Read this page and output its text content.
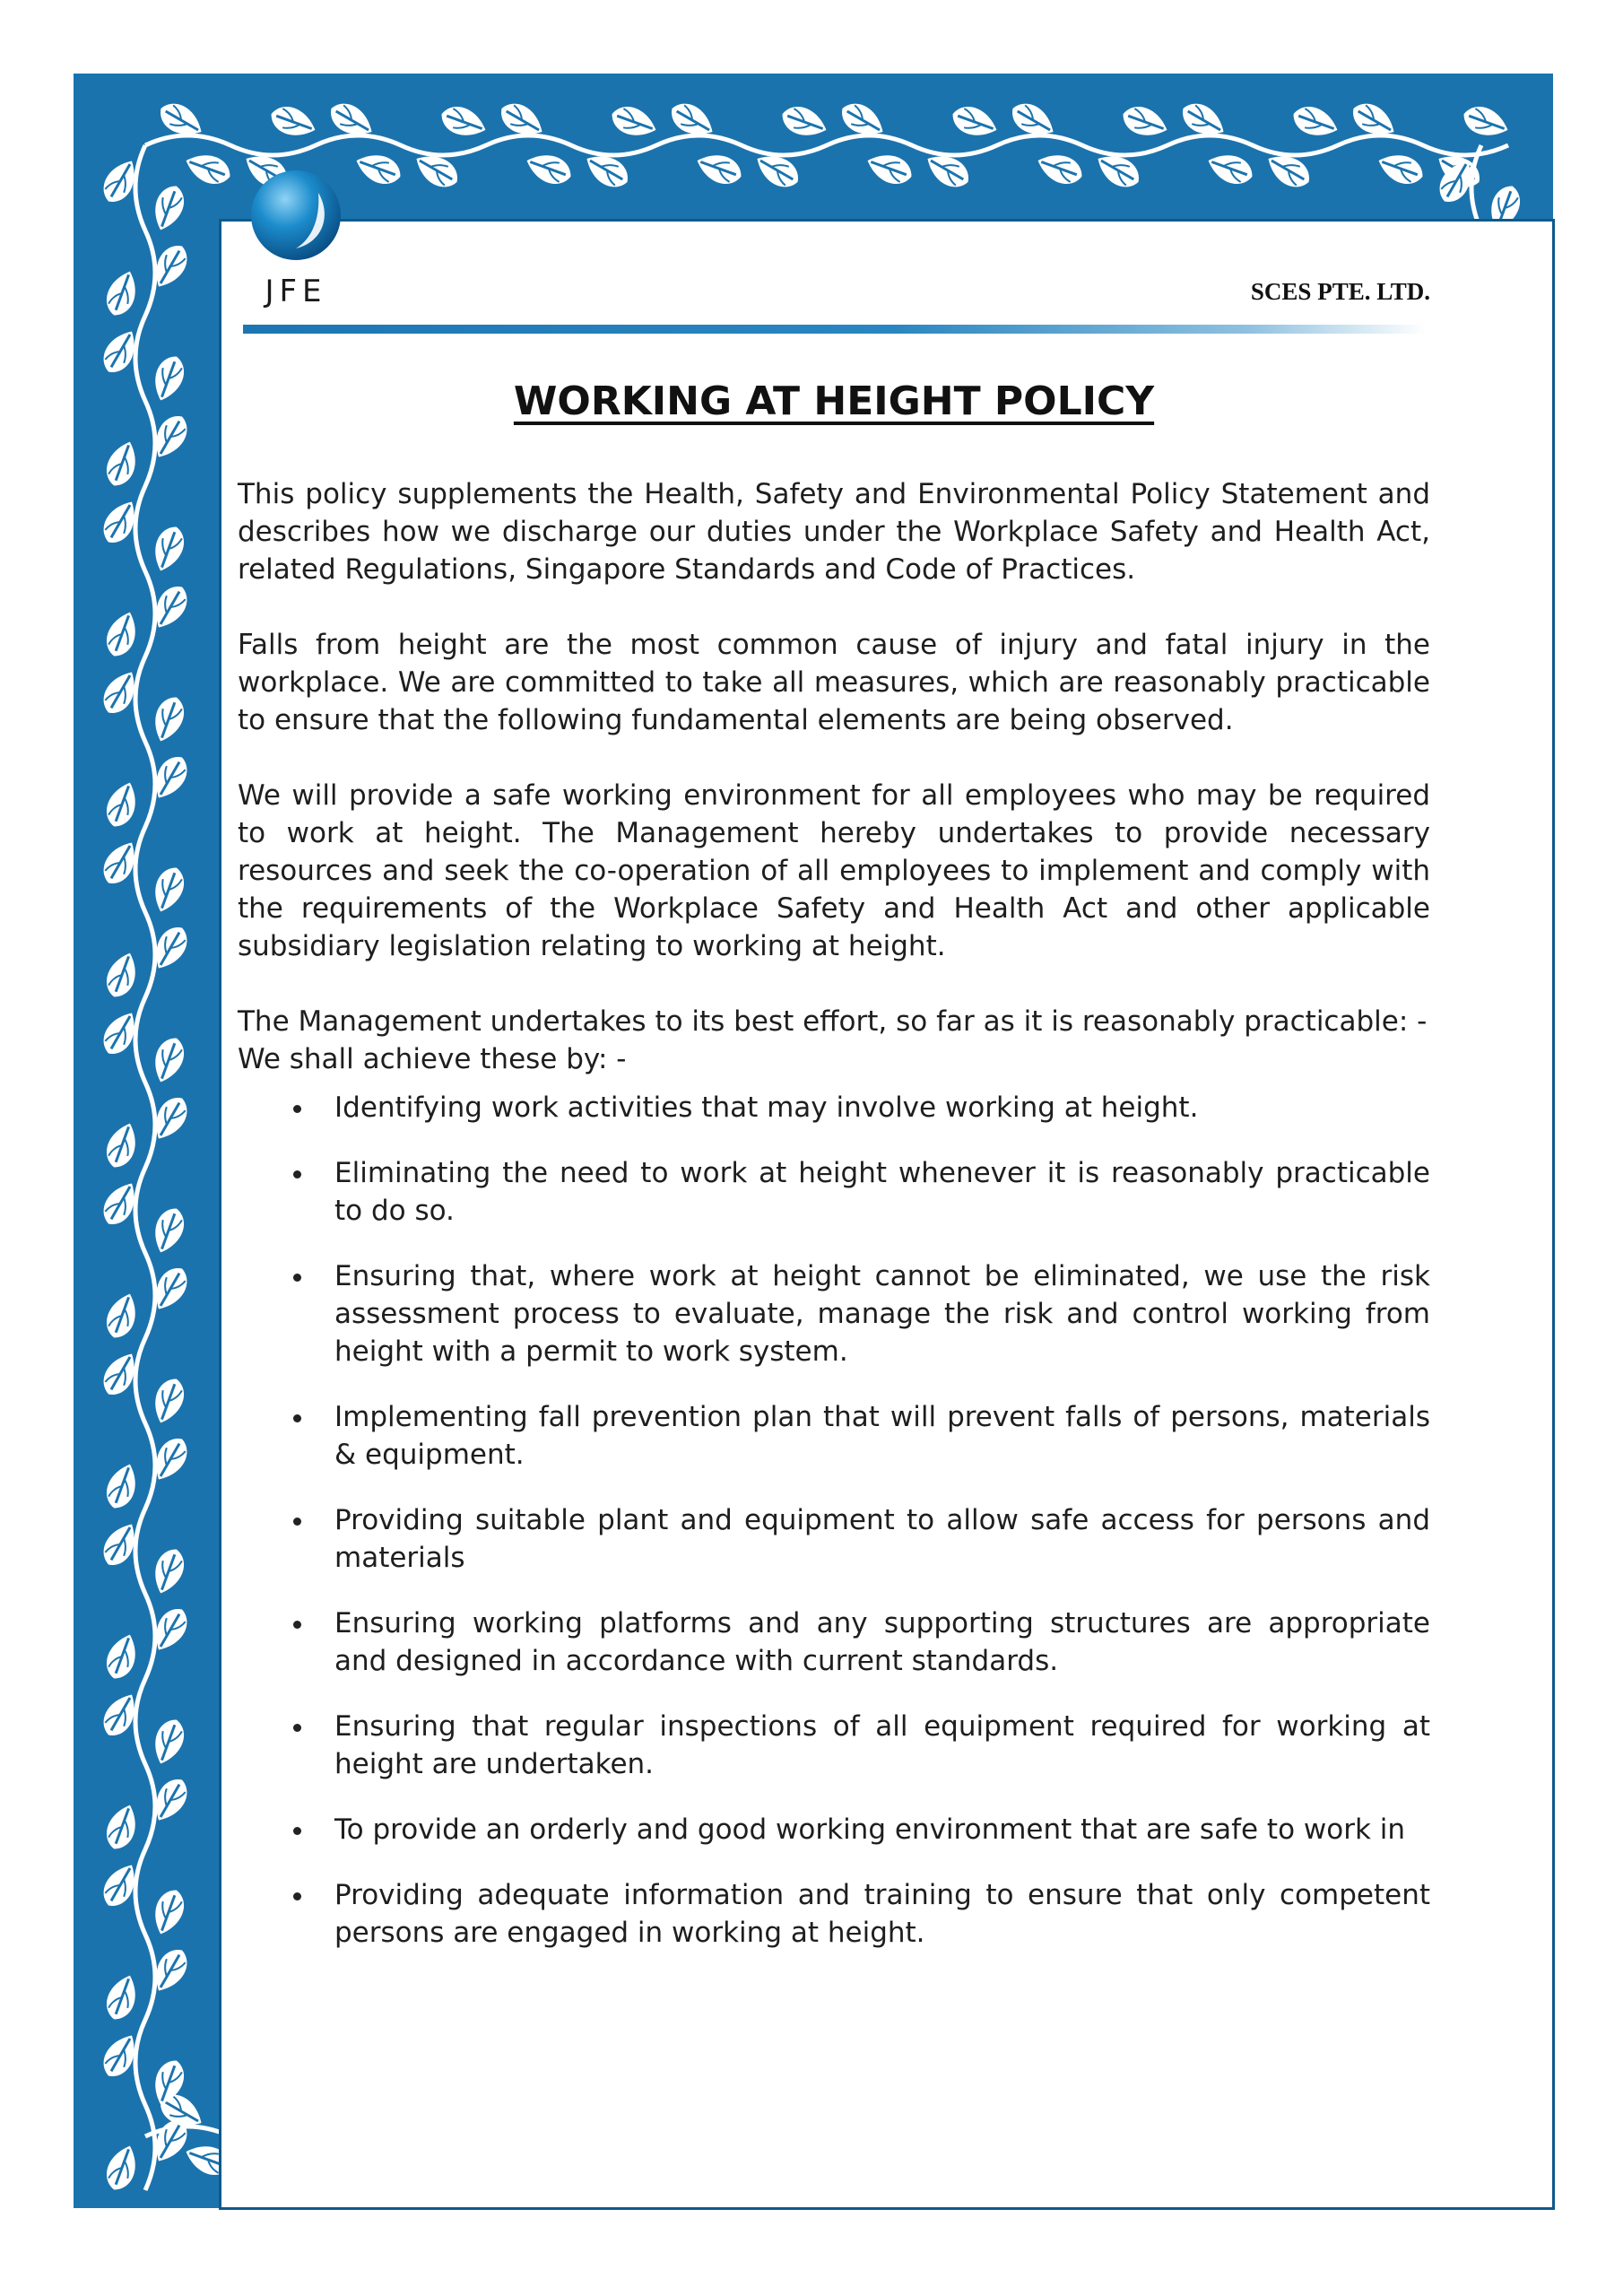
JFE	SCES PTE. LTD.
WORKING AT HEIGHT POLICY

This policy supplements the Health, Safety and Environmental Policy Statement and describes how we discharge our duties under the Workplace Safety and Health Act, related Regulations, Singapore Standards and Code of Practices.

Falls from height are the most common cause of injury and fatal injury in the workplace. We are committed to take all measures, which are reasonably practicable to ensure that the following fundamental elements are being observed.

We will provide a safe working environment for all employees who may be required to work at height. The Management hereby undertakes to provide necessary resources and seek the co-operation of all employees to implement and comply with the requirements of the Workplace Safety and Health Act and other applicable subsidiary legislation relating to working at height.

The Management undertakes to its best effort, so far as it is reasonably practicable: -

We shall achieve these by: -

Identifying work activities that may involve working at height.
Eliminating the need to work at height whenever it is reasonably practicable to do so.
Ensuring that, where work at height cannot be eliminated, we use the risk assessment process to evaluate, manage the risk and control working from height with a permit to work system.
Implementing fall prevention plan that will prevent falls of persons, materials & equipment.
Providing suitable plant and equipment to allow safe access for persons and materials
Ensuring working platforms and any supporting structures are appropriate and designed in accordance with current standards.
Ensuring that regular inspections of all equipment required for working at height are undertaken.
To provide an orderly and good working environment that are safe to work in
Providing adequate information and training to ensure that only competent persons are engaged in working at height.
